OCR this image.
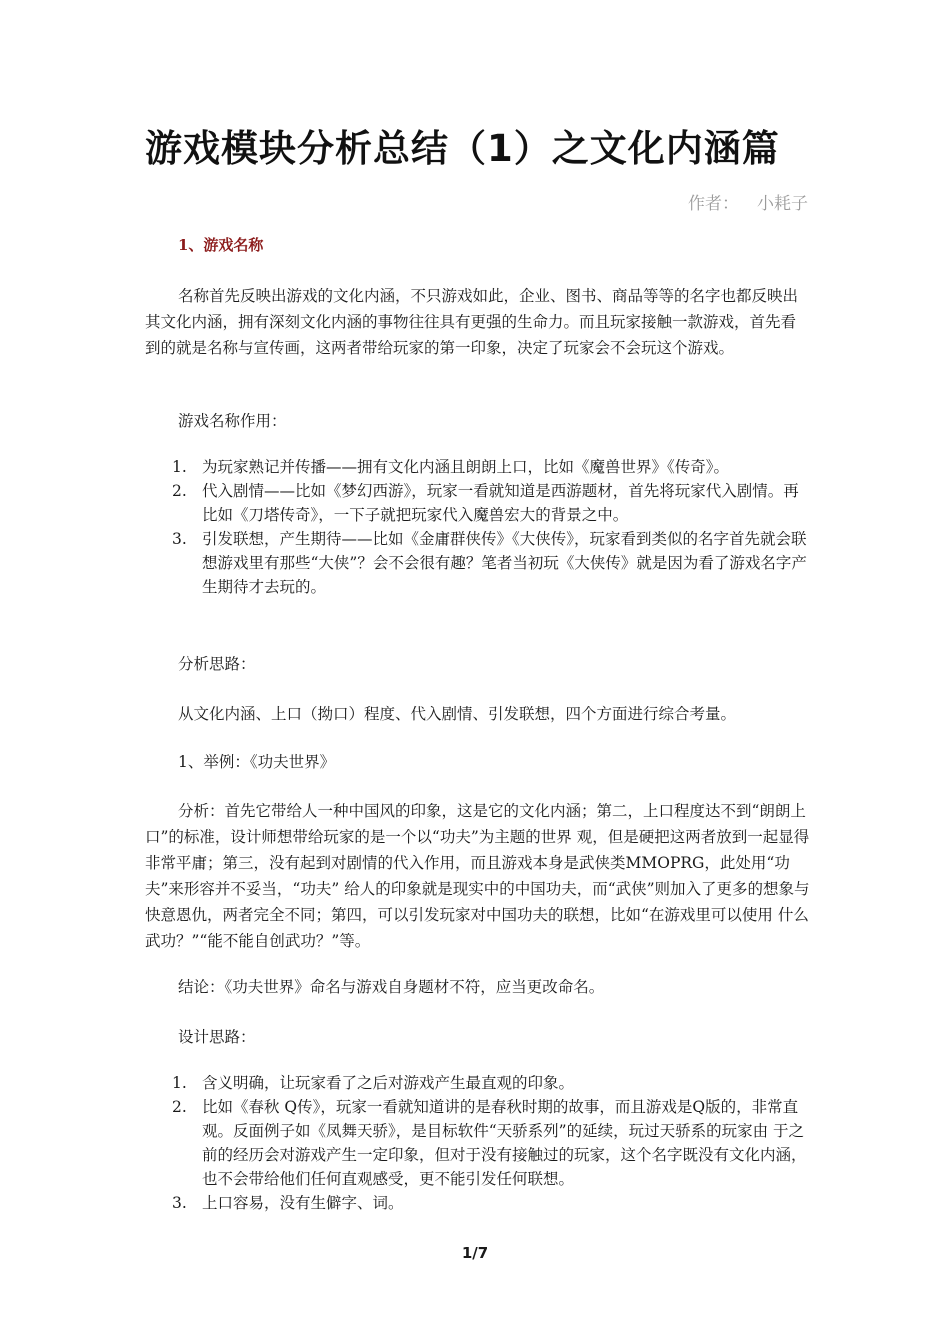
游戏模块分析总结（1）之文化内涵篇
作者： 小耗子
1、游戏名称
名称首先反映出游戏的文化内涵，不只游戏如此，企业、图书、商品等等的名字也都反映出其文化内涵，拥有深刻文化内涵的事物往往具有更强的生命力。而且玩家接触一款游戏，首先看到的就是名称与宣传画，这两者带给玩家的第一印象，决定了玩家会不会玩这个游戏。
游戏名称作用：
1. 为玩家熟记并传播——拥有文化内涵且朗朗上口，比如《魔兽世界》《传奇》。
2. 代入剧情——比如《梦幻西游》，玩家一看就知道是西游题材，首先将玩家代入剧情。再比如《刀塔传奇》，一下子就把玩家代入魔兽宏大的背景之中。
3. 引发联想，产生期待——比如《金庸群侠传》《大侠传》，玩家看到类似的名字首先就会联想游戏里有那些“大侠”？会不会很有趣？笔者当初玩《大侠传》就是因为看了游戏名字产生期待才去玩的。
分析思路：
从文化内涵、上口（拗口）程度、代入剧情、引发联想，四个方面进行综合考量。
1、举例：《功夫世界》
分析：首先它带给人一种中国风的印象，这是它的文化内涵；第二，上口程度达不到“朗朗上口”的标准，设计师想带给玩家的是一个以“功夫”为主题的世界 观，但是硬把这两者放到一起显得非常平庸；第三，没有起到对剧情的代入作用，而且游戏本身是武侠类MMOPRG，此处用“功夫”来形容并不妥当，“功夫” 给人的印象就是现实中的中国功夫，而“武侠”则加入了更多的想象与快意恩仇，两者完全不同；第四，可以引发玩家对中国功夫的联想，比如“在游戏里可以使用 什么武功？”“能不能自创武功？”等。
结论：《功夫世界》命名与游戏自身题材不符，应当更改命名。
设计思路：
1. 含义明确，让玩家看了之后对游戏产生最直观的印象。
2. 比如《春秋 Q传》，玩家一看就知道讲的是春秋时期的故事，而且游戏是Q版的，非常直观。反面例子如《凤舞天骄》，是目标软件“天骄系列”的延续，玩过天骄系的玩家由 于之前的经历会对游戏产生一定印象，但对于没有接触过的玩家，这个名字既没有文化内涵，也不会带给他们任何直观感受，更不能引发任何联想。
3. 上口容易，没有生僻字、词。
1/7
